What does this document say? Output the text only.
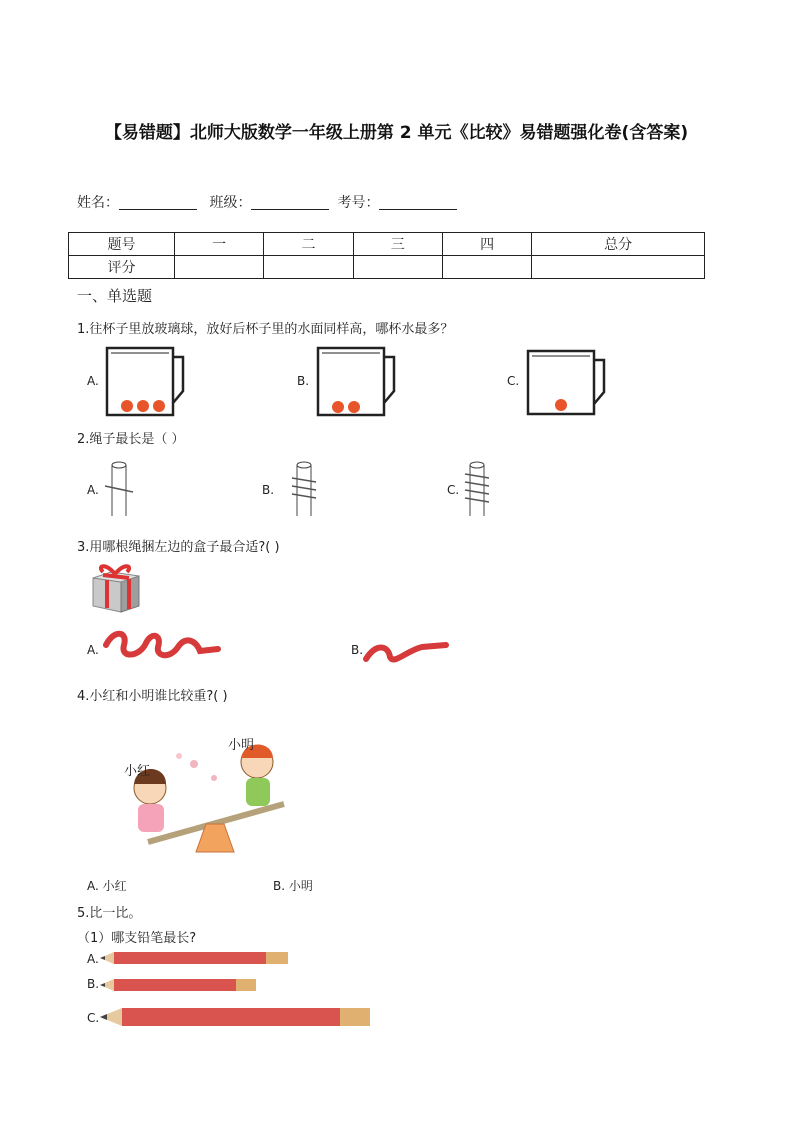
【易错题】北师大版数学一年级上册第 2 单元《比较》易错题强化卷(含答案)
姓名：	班级：	考号：
题号	一	二	三	四	总分
评分					
一、单选题
1.往杯子里放玻璃球，放好后杯子里的水面同样高，哪杯水最多？
A.	B.	C.
2.绳子最长是（ ）
A.	B.	C.
3.用哪根绳捆左边的盒子最合适?( )
A.	B.
4.小红和小明谁比较重?( )
小明
小红
A. 小红	B. 小明
5.比一比。
（1）哪支铅笔最长?
A.
B.
C.
